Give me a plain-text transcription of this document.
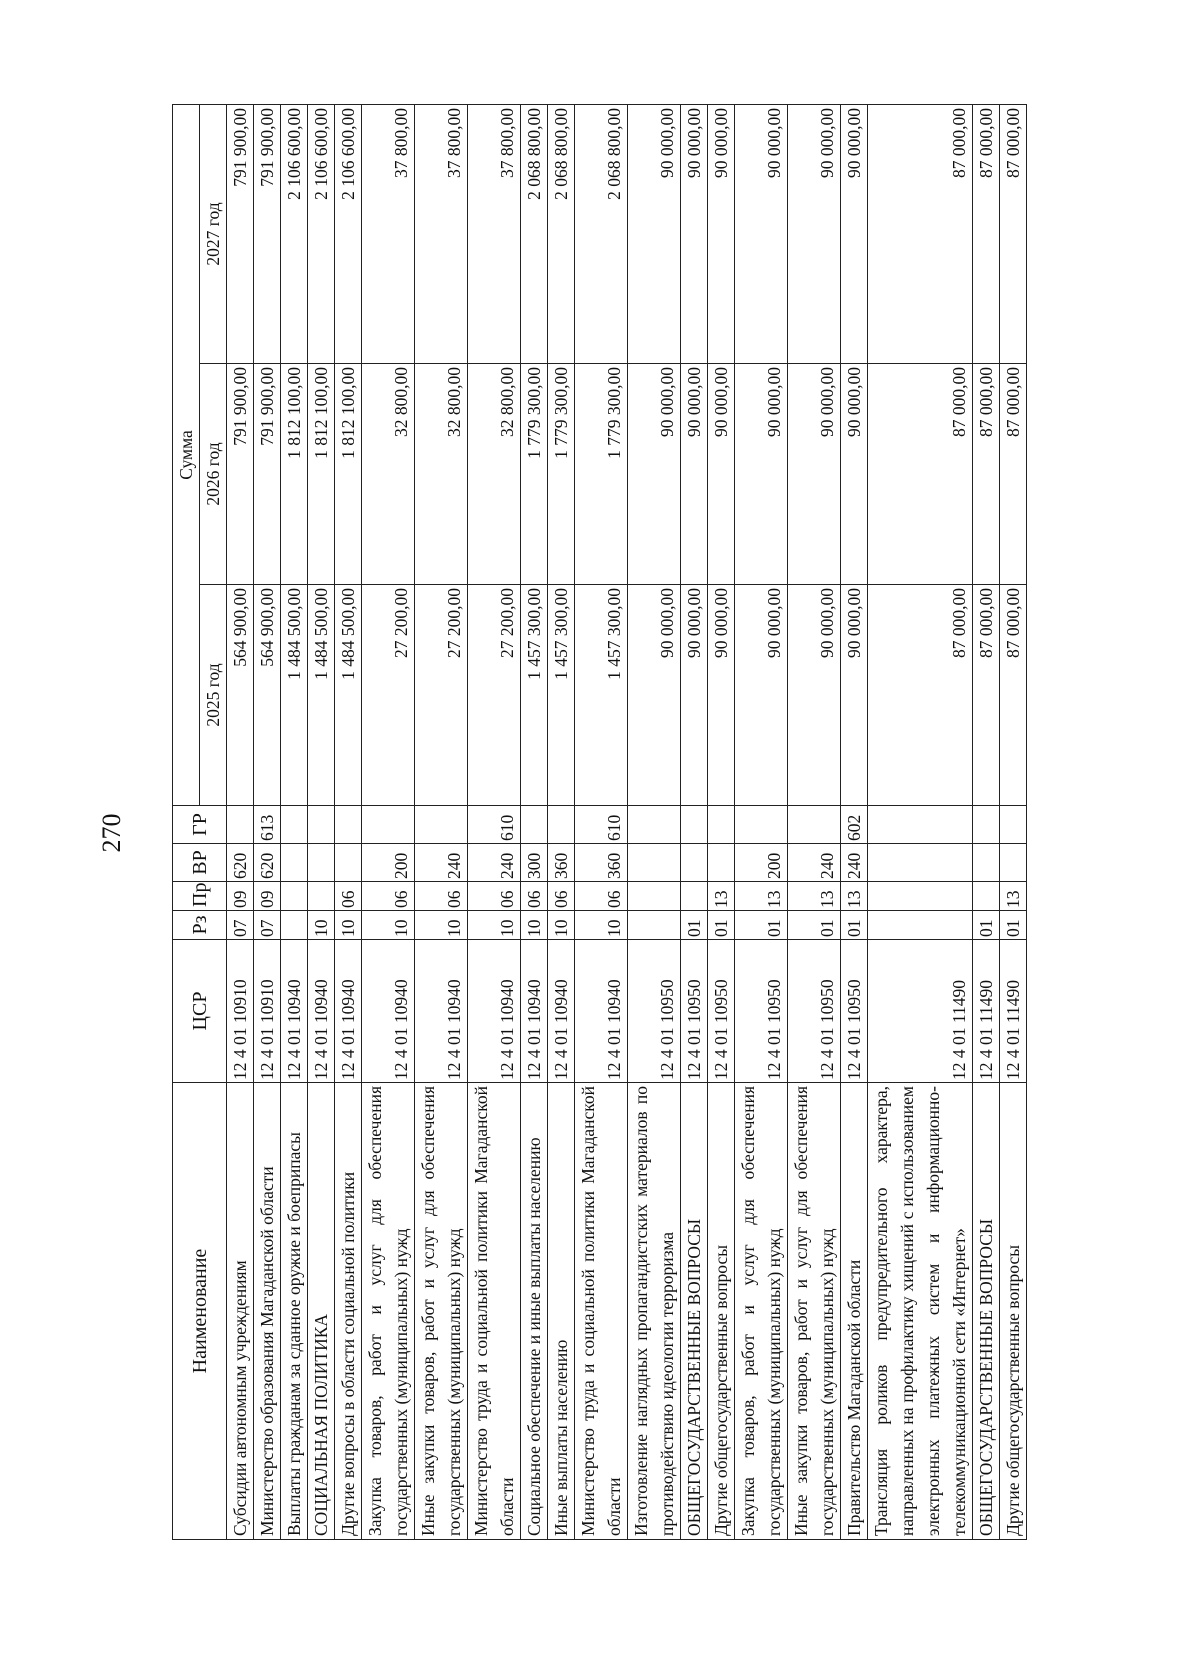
270
Наименование	ЦСР	Рз	Пр	ВР	ГР	Сумма		
						2025 год	2026 год	2027 год
Субсидии автономным учреждениям	12 4 01 10910	07	09	620		564 900,00	791 900,00	791 900,00
Министерство образования Магаданской области	12 4 01 10910	07	09	620	613	564 900,00	791 900,00	791 900,00
Выплаты гражданам за сданное оружие и боеприпасы	12 4 01 10940					1 484 500,00	1 812 100,00	2 106 600,00
СОЦИАЛЬНАЯ ПОЛИТИКА	12 4 01 10940	10				1 484 500,00	1 812 100,00	2 106 600,00
Другие вопросы в области социальной политики	12 4 01 10940	10	06			1 484 500,00	1 812 100,00	2 106 600,00
Закупка товаров, работ и услуг для обеспечения государственных (муниципальных) нужд	12 4 01 10940	10	06	200		27 200,00	32 800,00	37 800,00
Иные закупки товаров, работ и услуг для обеспечения государственных (муниципальных) нужд	12 4 01 10940	10	06	240		27 200,00	32 800,00	37 800,00
Министерство труда и социальной политики Магаданской области	12 4 01 10940	10	06	240	610	27 200,00	32 800,00	37 800,00
Социальное обеспечение и иные выплаты населению	12 4 01 10940	10	06	300		1 457 300,00	1 779 300,00	2 068 800,00
Иные выплаты населению	12 4 01 10940	10	06	360		1 457 300,00	1 779 300,00	2 068 800,00
Министерство труда и социальной политики Магаданской области	12 4 01 10940	10	06	360	610	1 457 300,00	1 779 300,00	2 068 800,00
Изготовление наглядных пропагандистских материалов по противодействию идеологии терроризма	12 4 01 10950					90 000,00	90 000,00	90 000,00
ОБЩЕГОСУДАРСТВЕННЫЕ ВОПРОСЫ	12 4 01 10950	01				90 000,00	90 000,00	90 000,00
Другие общегосударственные вопросы	12 4 01 10950	01	13			90 000,00	90 000,00	90 000,00
Закупка товаров, работ и услуг для обеспечения государственных (муниципальных) нужд	12 4 01 10950	01	13	200		90 000,00	90 000,00	90 000,00
Иные закупки товаров, работ и услуг для обеспечения государственных (муниципальных) нужд	12 4 01 10950	01	13	240		90 000,00	90 000,00	90 000,00
Правительство Магаданской области	12 4 01 10950	01	13	240	602	90 000,00	90 000,00	90 000,00
Трансляция роликов предупредительного характера, направленных на профилактику хищений с использованием электронных платежных систем и информационно-телекоммуникационной сети «Интернет»	12 4 01 11490					87 000,00	87 000,00	87 000,00
ОБЩЕГОСУДАРСТВЕННЫЕ ВОПРОСЫ	12 4 01 11490	01				87 000,00	87 000,00	87 000,00
Другие общегосударственные вопросы	12 4 01 11490	01	13			87 000,00	87 000,00	87 000,00
